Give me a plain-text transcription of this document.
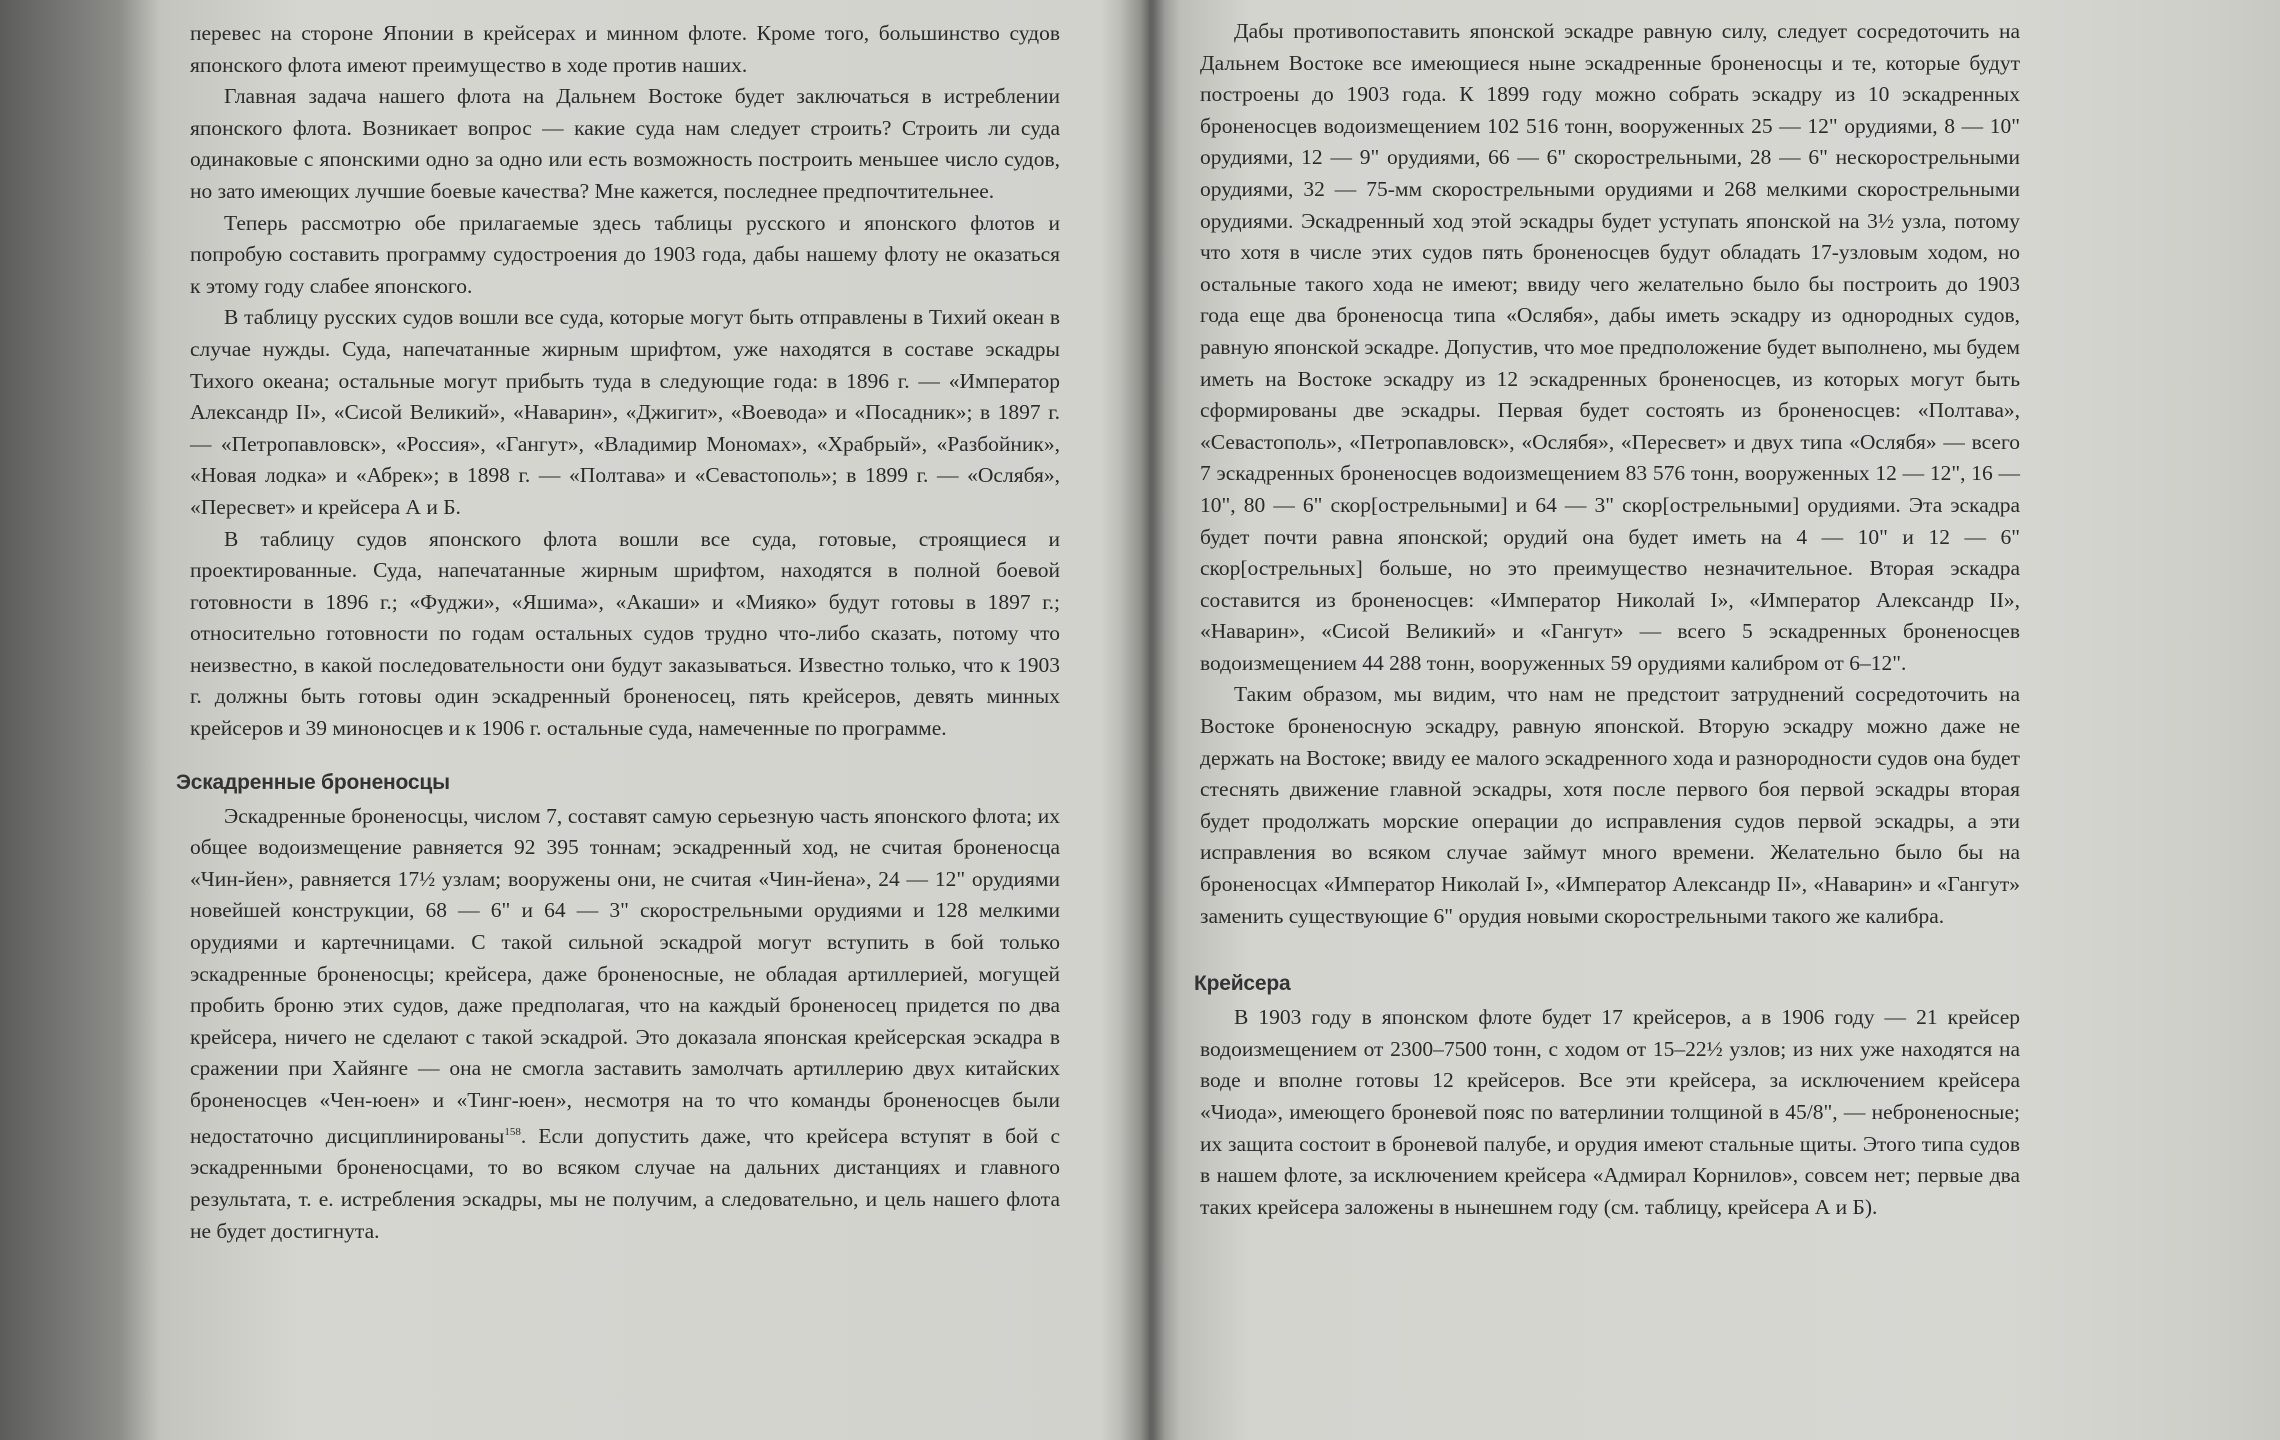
перевес на стороне Японии в крейсерах и минном флоте. Кроме того, большинство судов японского флота имеют преимущество в ходе против наших.

Главная задача нашего флота на Дальнем Востоке будет заключаться в истреблении японского флота. Возникает вопрос — какие суда нам следует строить? Строить ли суда одинаковые с японскими одно за одно или есть возможность построить меньшее число судов, но зато имеющих лучшие боевые качества? Мне кажется, последнее предпочтительнее.

Теперь рассмотрю обе прилагаемые здесь таблицы русского и японского флотов и попробую составить программу судостроения до 1903 года, дабы нашему флоту не оказаться к этому году слабее японского.

В таблицу русских судов вошли все суда, которые могут быть отправлены в Тихий океан в случае нужды. Суда, напечатанные жирным шрифтом, уже находятся в составе эскадры Тихого океана; остальные могут прибыть туда в следующие года: в 1896 г. — «Император Александр II», «Сисой Великий», «Наварин», «Джигит», «Воевода» и «Посадник»; в 1897 г. — «Петропавловск», «Россия», «Гангут», «Владимир Мономах», «Храбрый», «Разбойник», «Новая лодка» и «Абрек»; в 1898 г. — «Полтава» и «Севастополь»; в 1899 г. — «Ослябя», «Пересвет» и крейсера А и Б.

В таблицу судов японского флота вошли все суда, готовые, строящиеся и проектированные. Суда, напечатанные жирным шрифтом, находятся в полной боевой готовности в 1896 г.; «Фуджи», «Яшима», «Акаши» и «Мияко» будут готовы в 1897 г.; относительно готовности по годам остальных судов трудно что-либо сказать, потому что неизвестно, в какой последовательности они будут заказываться. Известно только, что к 1903 г. должны быть готовы один эскадренный броненосец, пять крейсеров, девять минных крейсеров и 39 миноносцев и к 1906 г. остальные суда, намеченные по программе.

Эскадренные броненосцы

Эскадренные броненосцы, числом 7, составят самую серьезную часть японского флота; их общее водоизмещение равняется 92 395 тоннам; эскадренный ход, не считая броненосца «Чин-йен», равняется 17½ узлам; вооружены они, не считая «Чин-йена», 24 — 12" орудиями новейшей конструкции, 68 — 6" и 64 — 3" скорострельными орудиями и 128 мелкими орудиями и картечницами. С такой сильной эскадрой могут вступить в бой только эскадренные броненосцы; крейсера, даже броненосные, не обладая артиллерией, могущей пробить броню этих судов, даже предполагая, что на каждый броненосец придется по два крейсера, ничего не сделают с такой эскадрой. Это доказала японская крейсерская эскадра в сражении при Хайянге — она не смогла заставить замолчать артиллерию двух китайских броненосцев «Чен-юен» и «Тинг-юен», несмотря на то что команды броненосцев были недостаточно дисциплинированы$^{158}$. Если допустить даже, что крейсера вступят в бой с эскадренными броненосцами, то во всяком случае на дальних дистанциях и главного результата, т. е. истребления эскадры, мы не получим, а следовательно, и цель нашего флота не будет достигнута.

Дабы противопоставить японской эскадре равную силу, следует сосредоточить на Дальнем Востоке все имеющиеся ныне эскадренные броненосцы и те, которые будут построены до 1903 года. К 1899 году можно собрать эскадру из 10 эскадренных броненосцев водоизмещением 102 516 тонн, вооруженных 25 — 12" орудиями, 8 — 10" орудиями, 12 — 9" орудиями, 66 — 6" скорострельными, 28 — 6" нескорострельными орудиями, 32 — 75-мм скорострельными орудиями и 268 мелкими скорострельными орудиями. Эскадренный ход этой эскадры будет уступать японской на 3½ узла, потому что хотя в числе этих судов пять броненосцев будут обладать 17-узловым ходом, но остальные такого хода не имеют; ввиду чего желательно было бы построить до 1903 года еще два броненосца типа «Ослябя», дабы иметь эскадру из однородных судов, равную японской эскадре. Допустив, что мое предположение будет выполнено, мы будем иметь на Востоке эскадру из 12 эскадренных броненосцев, из которых могут быть сформированы две эскадры. Первая будет состоять из броненосцев: «Полтава», «Севастополь», «Петропавловск», «Ослябя», «Пересвет» и двух типа «Ослябя» — всего 7 эскадренных броненосцев водоизмещением 83 576 тонн, вооруженных 12 — 12", 16 — 10", 80 — 6" скор[острельными] и 64 — 3" скор[острельными] орудиями. Эта эскадра будет почти равна японской; орудий она будет иметь на 4 — 10" и 12 — 6" скор[острельных] больше, но это преимущество незначительное. Вторая эскадра составится из броненосцев: «Император Николай I», «Император Александр II», «Наварин», «Сисой Великий» и «Гангут» — всего 5 эскадренных броненосцев водоизмещением 44 288 тонн, вооруженных 59 орудиями калибром от 6–12".

Таким образом, мы видим, что нам не предстоит затруднений сосредоточить на Востоке броненосную эскадру, равную японской. Вторую эскадру можно даже не держать на Востоке; ввиду ее малого эскадренного хода и разнородности судов она будет стеснять движение главной эскадры, хотя после первого боя первой эскадры вторая будет продолжать морские операции до исправления судов первой эскадры, а эти исправления во всяком случае займут много времени. Желательно было бы на броненосцах «Император Николай I», «Император Александр II», «Наварин» и «Гангут» заменить существующие 6" орудия новыми скорострельными такого же калибра.

Крейсера

В 1903 году в японском флоте будет 17 крейсеров, а в 1906 году — 21 крейсер водоизмещением от 2300–7500 тонн, с ходом от 15–22½ узлов; из них уже находятся на воде и вполне готовы 12 крейсеров. Все эти крейсера, за исключением крейсера «Чиода», имеющего броневой пояс по ватерлинии толщиной в 45/8", — небронeносные; их защита состоит в броневой палубе, и орудия имеют стальные щиты. Этого типа судов в нашем флоте, за исключением крейсера «Адмирал Корнилов», совсем нет; первые два таких крейсера заложены в нынешнем году (см. таблицу, крейсера А и Б).
